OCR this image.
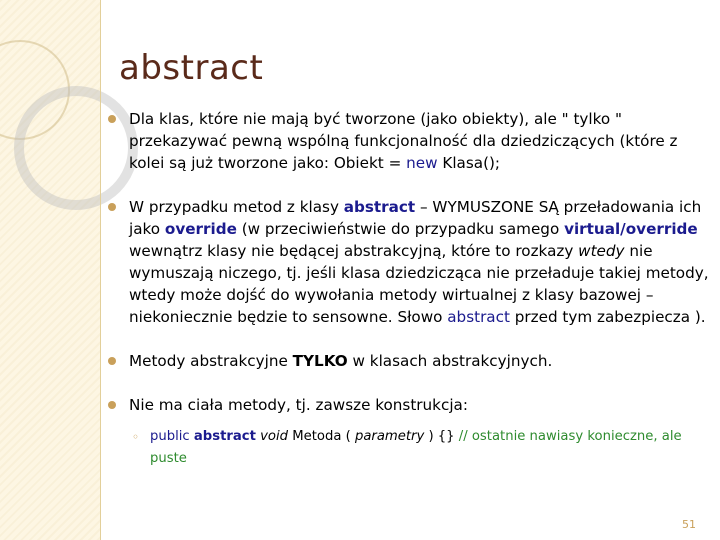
abstract
Dla klas, które nie mają być tworzone (jako obiekty), ale " tylko " przekazywać pewną wspólną funkcjonalność dla dziedziczących (które z kolei są już tworzone jako: Obiekt = new Klasa();
W przypadku metod z klasy abstract – WYMUSZONE SĄ przeładowania ich jako override (w przeciwieństwie do przypadku samego virtual/override wewnątrz klasy nie będącej abstrakcyjną, które to rozkazy wtedy nie wymuszają niczego, tj. jeśli klasa dziedzicząca nie przeładuje takiej metody, wtedy może dojść do wywołania metody wirtualnej z klasy bazowej – niekoniecznie będzie to sensowne. Słowo abstract przed tym zabezpiecza ).
Metody abstrakcyjne TYLKO w klasach abstrakcyjnych.
Nie ma ciała metody, tj. zawsze konstrukcja:
◦ public abstract void Metoda ( parametry ) {} // ostatnie nawiasy konieczne, ale puste
51
